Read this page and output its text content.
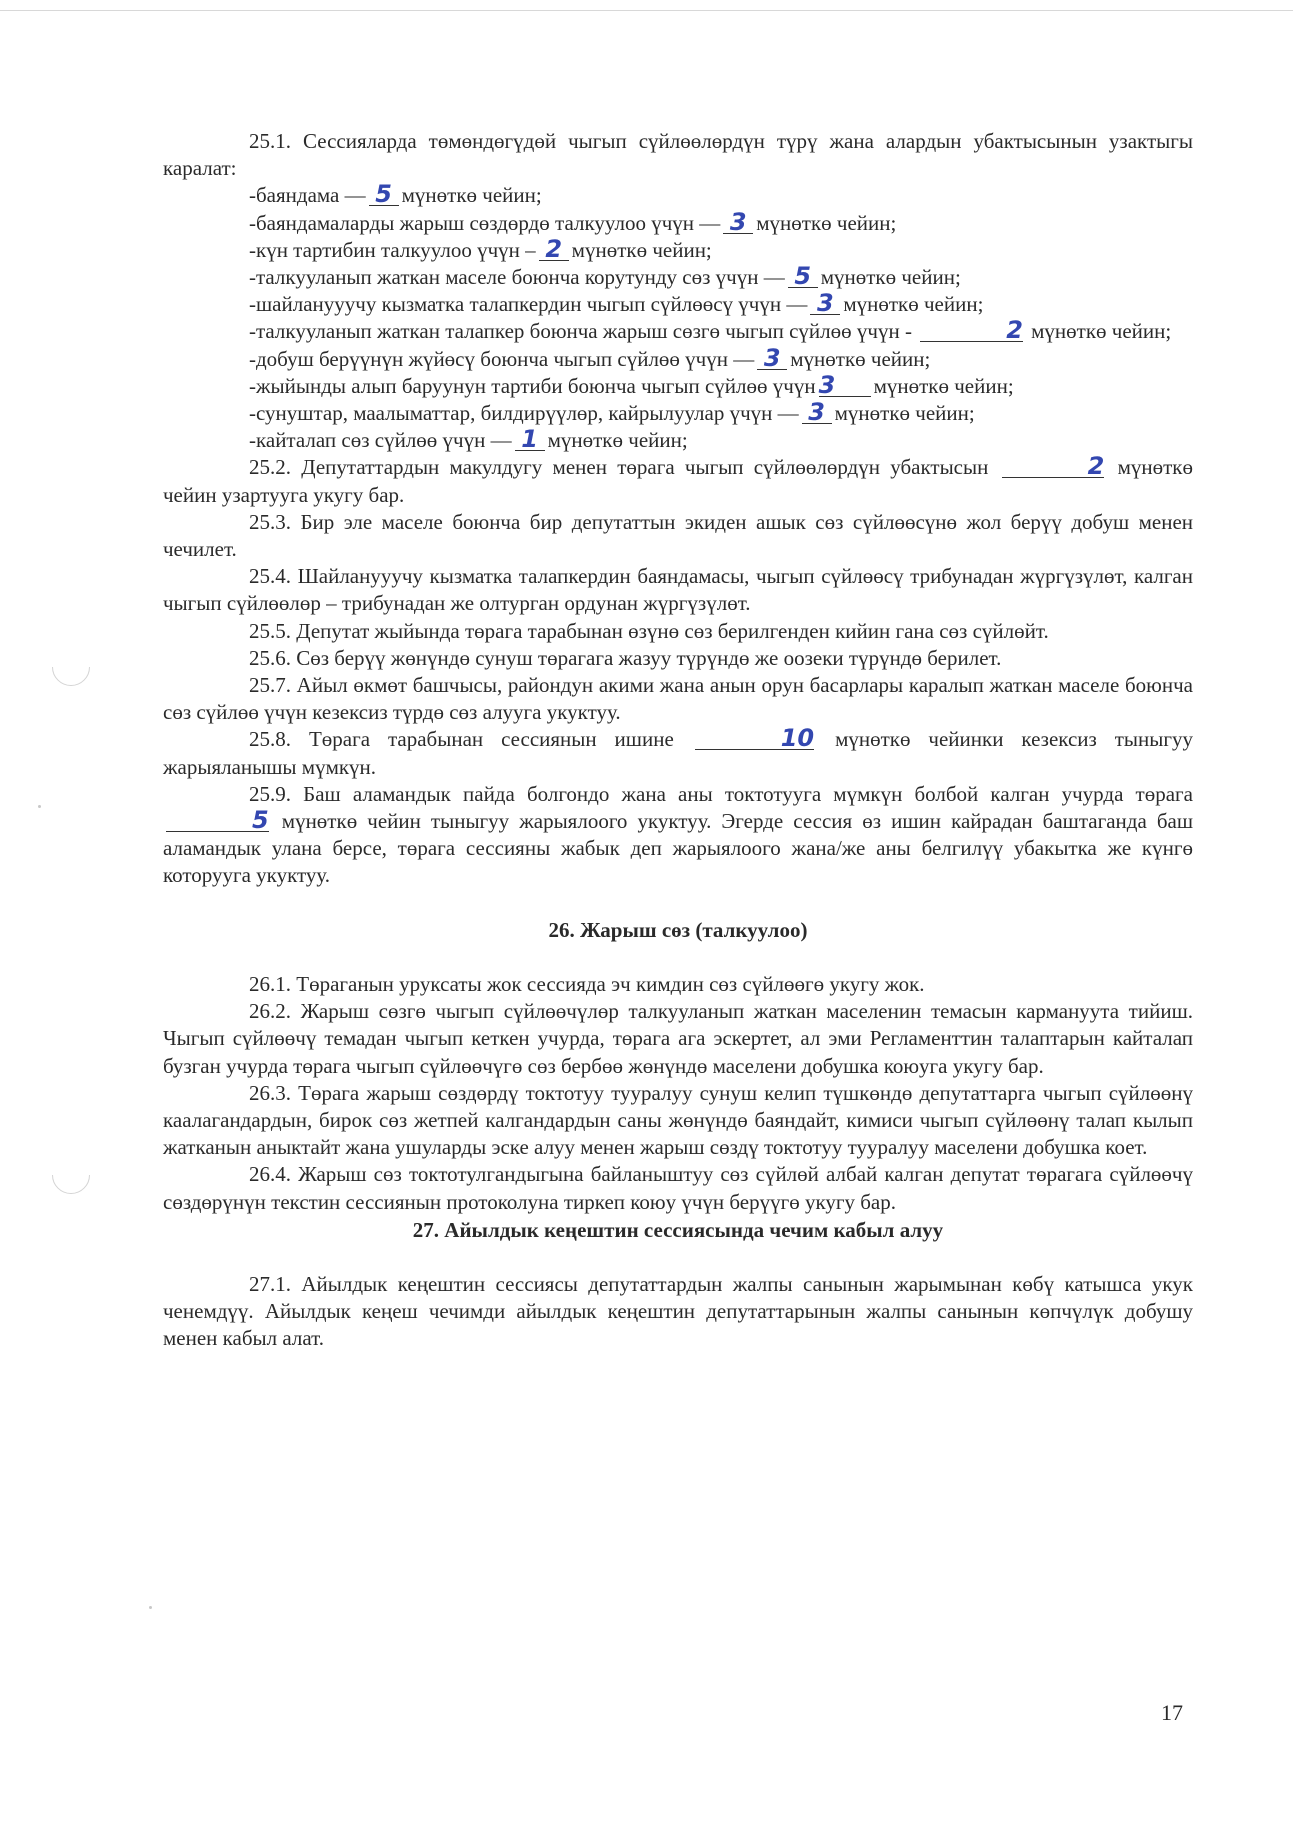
25.1. Сессияларда төмөндөгүдөй чыгып сүйлөөлөрдүн түрү жана алардын убактысынын узактыгы каралат:

-баяндама — 5 мүнөткө чейин;

-баяндамаларды жарыш сөздөрдө талкуулоо үчүн — 3 мүнөткө чейин;

-күн тартибин талкуулоо үчүн – 2 мүнөткө чейин;

-талкууланып жаткан маселе боюнча корутунду сөз үчүн — 5 мүнөткө чейин;

-шайланууучу кызматка талапкердин чыгып сүйлөөсү үчүн — 3 мүнөткө чейин;

-талкууланып жаткан талапкер боюнча жарыш сөзгө чыгып сүйлөө үчүн -	2 мүнөткө чейин;

-добуш берүүнүн жүйөсү боюнча чыгып сүйлөө үчүн — 3 мүнөткө чейин;

-жыйынды алып баруунун тартиби боюнча чыгып сүйлөө үчүн 3 мүнөткө чейин;

-сунуштар, маалыматтар, билдирүүлөр, кайрылуулар үчүн — 3 мүнөткө чейин;

-кайталап сөз сүйлөө үчүн — 1 мүнөткө чейин;

25.2. Депутаттардын макулдугу менен төрага чыгып сүйлөөлөрдүн убактысын	2 мүнөткө чейин узартууга укугу бар.

25.3. Бир эле маселе боюнча бир депутаттын экиден ашык сөз сүйлөөсүнө жол берүү добуш менен чечилет.

25.4. Шайланууучу кызматка талапкердин баяндамасы, чыгып сүйлөөсү трибунадан жүргүзүлөт, калган чыгып сүйлөөлөр – трибунадан же олтурган ордунан жүргүзүлөт.

25.5. Депутат жыйында төрага тарабынан өзүнө сөз берилгенден кийин гана сөз сүйлөйт.

25.6. Сөз берүү жөнүндө сунуш төрагага жазуу түрүндө же оозеки түрүндө берилет.

25.7. Айыл өкмөт башчысы, райондун акими жана анын орун басарлары каралып жаткан маселе боюнча сөз сүйлөө үчүн кезексиз түрдө сөз алууга укуктуу.

25.8. Төрага тарабынан сессиянын ишине	10 мүнөткө чейинки кезексиз тыныгуу жарыяланышы мүмкүн.

25.9. Баш аламандык пайда болгондо жана аны токтотууга мүмкүн болбой калган учурда төрага 5 мүнөткө чейин тыныгуу жарыялоого укуктуу. Эгерде сессия өз ишин кайрадан баштаганда баш аламандык улана берсе, төрага сессияны жабык деп жарыялоого жана/же аны белгилүү убакытка же күнгө которууга укуктуу.

26. Жарыш сөз (талкуулоо)

26.1. Төраганын уруксаты жок сессияда эч кимдин сөз сүйлөөгө укугу жок.

26.2. Жарыш сөзгө чыгып сүйлөөчүлөр талкууланып жаткан маселенин темасын кармануута тийиш. Чыгып сүйлөөчү темадан чыгып кеткен учурда, төрага ага эскертет, ал эми Регламенттин талаптарын кайталап бузган учурда төрага чыгып сүйлөөчүгө сөз бербөө жөнүндө маселени добушка коюуга укугу бар.

26.3. Төрага жарыш сөздөрдү токтотуу тууралуу сунуш келип түшкөндө депутаттарга чыгып сүйлөөнү каалагандардын, бирок сөз жетпей калгандардын саны жөнүндө баяндайт, кимиси чыгып сүйлөөнү талап кылып жатканын аныктайт жана ушуларды эске алуу менен жарыш сөздү токтотуу тууралуу маселени добушка коет.

26.4. Жарыш сөз токтотулгандыгына байланыштуу сөз сүйлөй албай калган депутат төрагага сүйлөөчү сөздөрүнүн текстин сессиянын протоколуна тиркеп коюу үчүн берүүгө укугу бар.

27. Айылдык кеңештин сессиясында чечим кабыл алуу

27.1. Айылдык кеңештин сессиясы депутаттардын жалпы санынын жарымынан көбү катышса укук ченемдүү. Айылдык кеңеш чечимди айылдык кеңештин депутаттарынын жалпы санынын көпчүлүк добушу менен кабыл алат.

17
